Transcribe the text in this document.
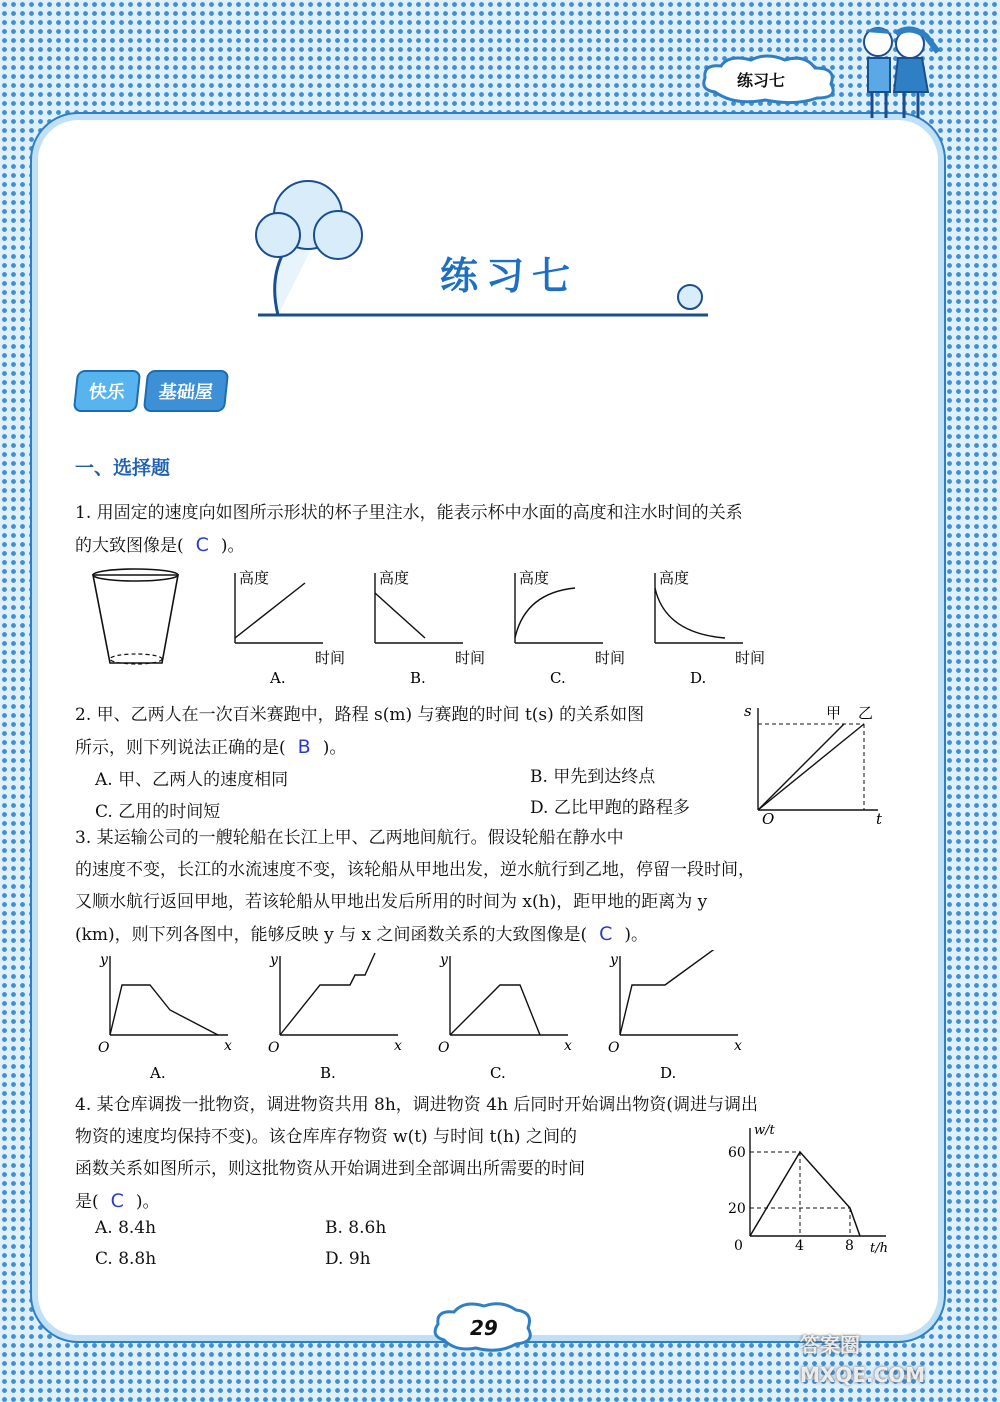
练习七
练习七
快乐	基础屋
一、选择题
1. 用固定的速度向如图所示形状的杯子里注水，能表示杯中水面的高度和注水时间的关系
的大致图像是( C )。
高度
时间
A.
高度
时间
B.
高度
时间
C.
高度
时间
D.
2. 甲、乙两人在一次百米赛跑中，路程 s(m) 与赛跑的时间 t(s) 的关系如图
所示，则下列说法正确的是( B )。
A. 甲、乙两人的速度相同	B. 甲先到达终点
C. 乙用的时间短	D. 乙比甲跑的路程多
s
t
O
甲 乙
3. 某运输公司的一艘轮船在长江上甲、乙两地间航行。假设轮船在静水中
的速度不变，长江的水流速度不变，该轮船从甲地出发，逆水航行到乙地，停留一段时间，
又顺水航行返回甲地，若该轮船从甲地出发后所用的时间为 x(h)，距甲地的距离为 y
(km)，则下列各图中，能够反映 y 与 x 之间函数关系的大致图像是( C )。
y
x
O
A.
y
x
O
B.
y
x
O
C.
y
x
O
D.
4. 某仓库调拨一批物资，调进物资共用 8h，调进物资 4h 后同时开始调出物资(调进与调出
物资的速度均保持不变)。该仓库库存物资 w(t) 与时间 t(h) 之间的
函数关系如图所示，则这批物资从开始调进到全部调出所需要的时间
是( C )。
A. 8.4h	B. 8.6h
C. 8.8h	D. 9h
w/t
t/h
0
60
20
4	8
29
答案圈 MXQE.COM
